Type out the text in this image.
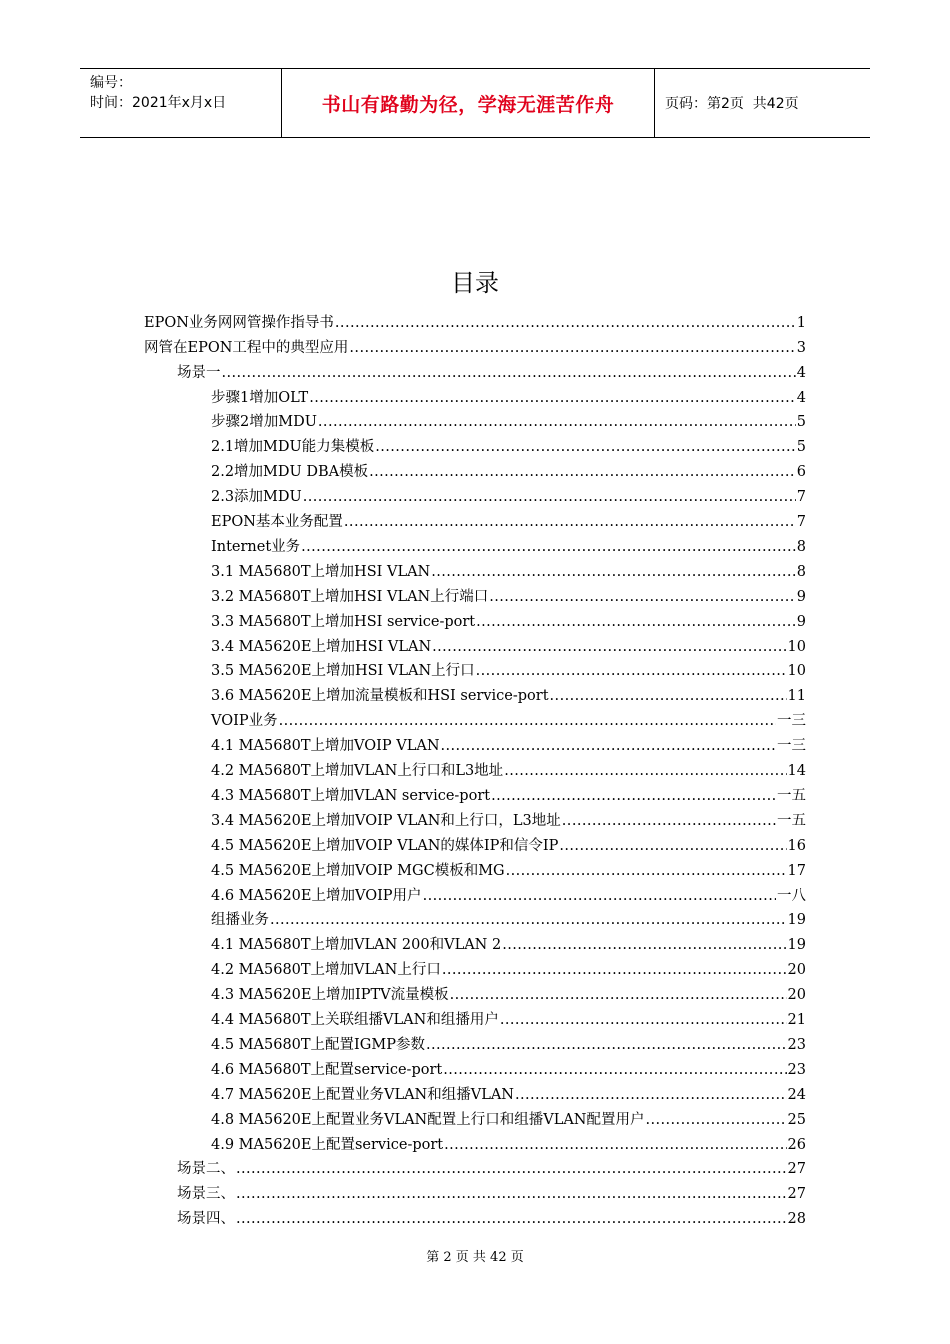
编号：
时间：2021年x月x日	书山有路勤为径，学海无涯苦作舟	页码：第2页  共42页
目录
EPON业务网网管操作指导书 .....	1
网管在EPON工程中的典型应用 .....	3
场景一 .....	4
步骤1增加OLT .....	4
步骤2增加MDU .....	5
2.1增加MDU能力集模板 .....	5
2.2增加MDU DBA模板 .....	6
2.3添加MDU .....	7
EPON基本业务配置 .....	7
Internet业务 .....	8
3.1 MA5680T上增加HSI VLAN .....	8
3.2 MA5680T上增加HSI VLAN上行端口 .....	9
3.3 MA5680T上增加HSI service-port .....	9
3.4 MA5620E上增加HSI VLAN .....	10
3.5 MA5620E上增加HSI VLAN上行口 .....	10
3.6 MA5620E上增加流量模板和HSI service-port .....	11
VOIP业务 .....	一三
4.1 MA5680T上增加VOIP VLAN .....	一三
4.2 MA5680T上增加VLAN上行口和L3地址 .....	14
4.3 MA5680T上增加VLAN service-port .....	一五
3.4 MA5620E上增加VOIP VLAN和上行口，L3地址 .....	一五
4.5 MA5620E上增加VOIP VLAN的媒体IP和信令IP .....	16
4.5 MA5620E上增加VOIP MGC模板和MG .....	17
4.6 MA5620E上增加VOIP用户 .....	一八
组播业务 .....	19
4.1 MA5680T上增加VLAN 200和VLAN 2 .....	19
4.2 MA5680T上增加VLAN上行口 .....	20
4.3 MA5620E上增加IPTV流量模板 .....	20
4.4 MA5680T上关联组播VLAN和组播用户 .....	21
4.5 MA5680T上配置IGMP参数 .....	23
4.6 MA5680T上配置service-port .....	23
4.7 MA5620E上配置业务VLAN和组播VLAN .....	24
4.8 MA5620E上配置业务VLAN配置上行口和组播VLAN配置用户 .....	25
4.9 MA5620E上配置service-port .....	26
场景二、 .....	27
场景三、 .....	27
场景四、 .....	28
第 2 页 共 42 页
